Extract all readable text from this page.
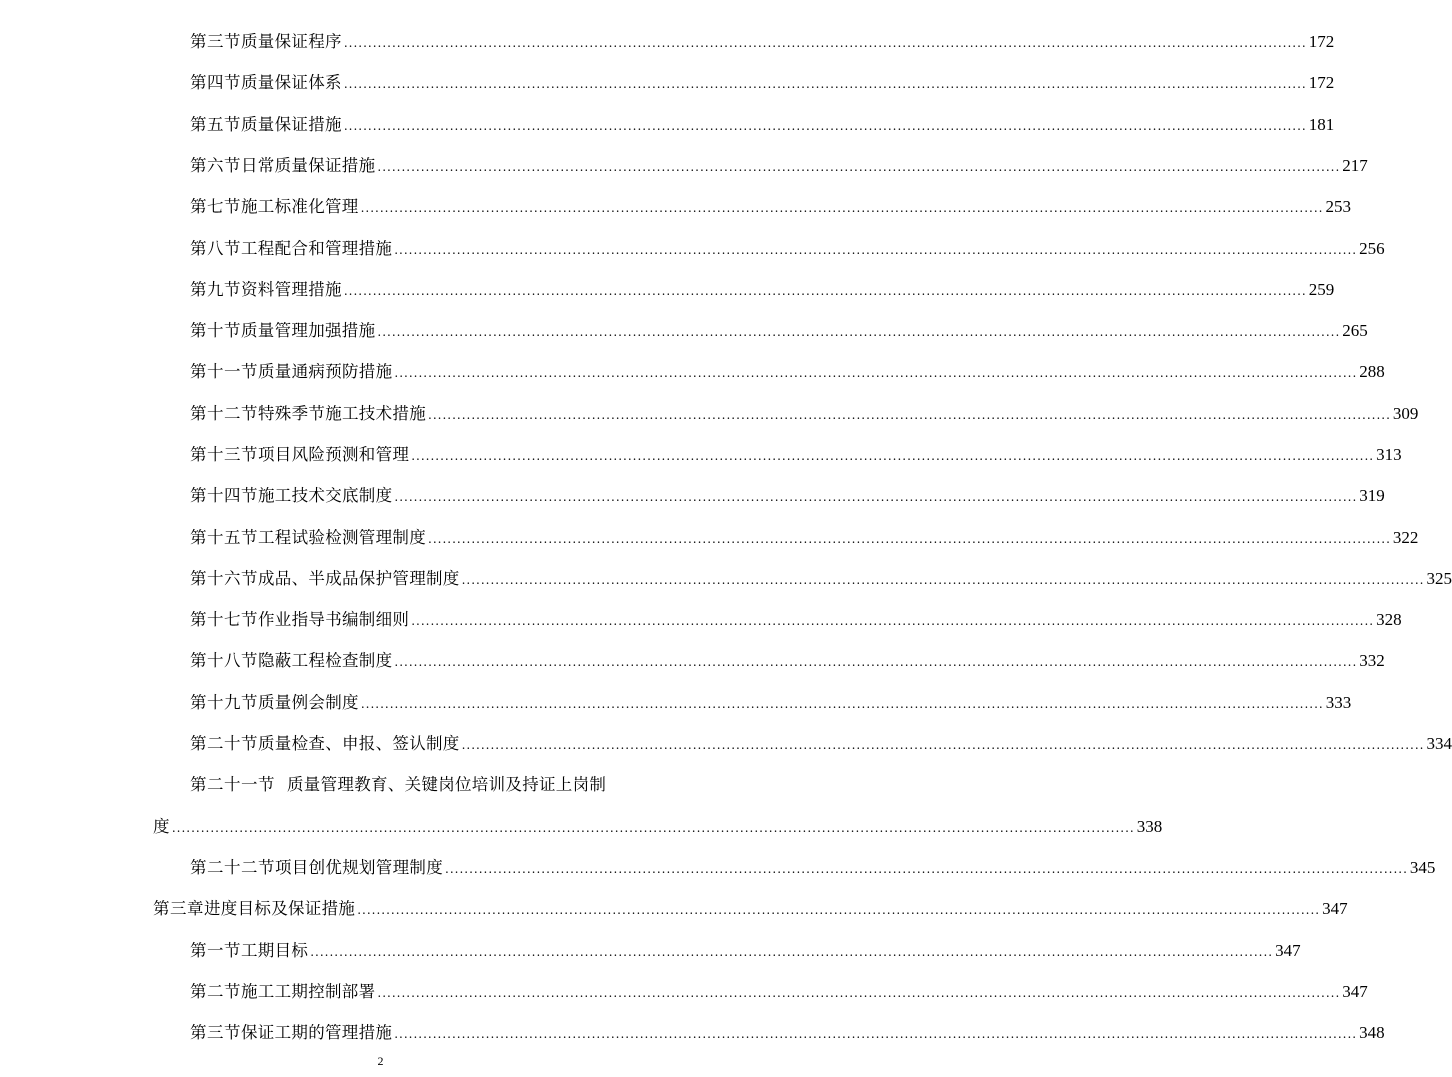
第三节 质量保证程序 ........................................................................................................................................................................................................ 172
第四节 质量保证体系 ........................................................................................................................................................................................................ 172
第五节 质量保证措施 ........................................................................................................................................................................................................ 181
第六节 日常质量保证措施 ........................................................................................................................................................................................................ 217
第七节 施工标准化管理 ........................................................................................................................................................................................................ 253
第八节 工程配合和管理措施 ........................................................................................................................................................................................................ 256
第九节 资料管理措施 ........................................................................................................................................................................................................ 259
第十节 质量管理加强措施 ........................................................................................................................................................................................................ 265
第十一节 质量通病预防措施 ........................................................................................................................................................................................................ 288
第十二节 特殊季节施工技术措施 ........................................................................................................................................................................................................ 309
第十三节 项目风险预测和管理 ........................................................................................................................................................................................................ 313
第十四节 施工技术交底制度 ........................................................................................................................................................................................................ 319
第十五节 工程试验检测管理制度 ........................................................................................................................................................................................................ 322
第十六节 成品、半成品保护管理制度 ........................................................................................................................................................................................................ 325
第十七节 作业指导书编制细则 ........................................................................................................................................................................................................ 328
第十八节 隐蔽工程检查制度 ........................................................................................................................................................................................................ 332
第十九节 质量例会制度 ........................................................................................................................................................................................................ 333
第二十节 质量检查、申报、签认制度 ........................................................................................................................................................................................................ 334
第二十一节 质量管理教育、关键岗位培训及持证上岗制
度 ........................................................................................................................................................................................................ 338
第二十二节 项目创优规划管理制度 ........................................................................................................................................................................................................ 345
第三章 进度目标及保证措施 ........................................................................................................................................................................................................ 347
第一节 工期目标 ........................................................................................................................................................................................................ 347
第二节 施工工期控制部署 ........................................................................................................................................................................................................ 347
第三节 保证工期的管理措施 ........................................................................................................................................................................................................ 348
2
